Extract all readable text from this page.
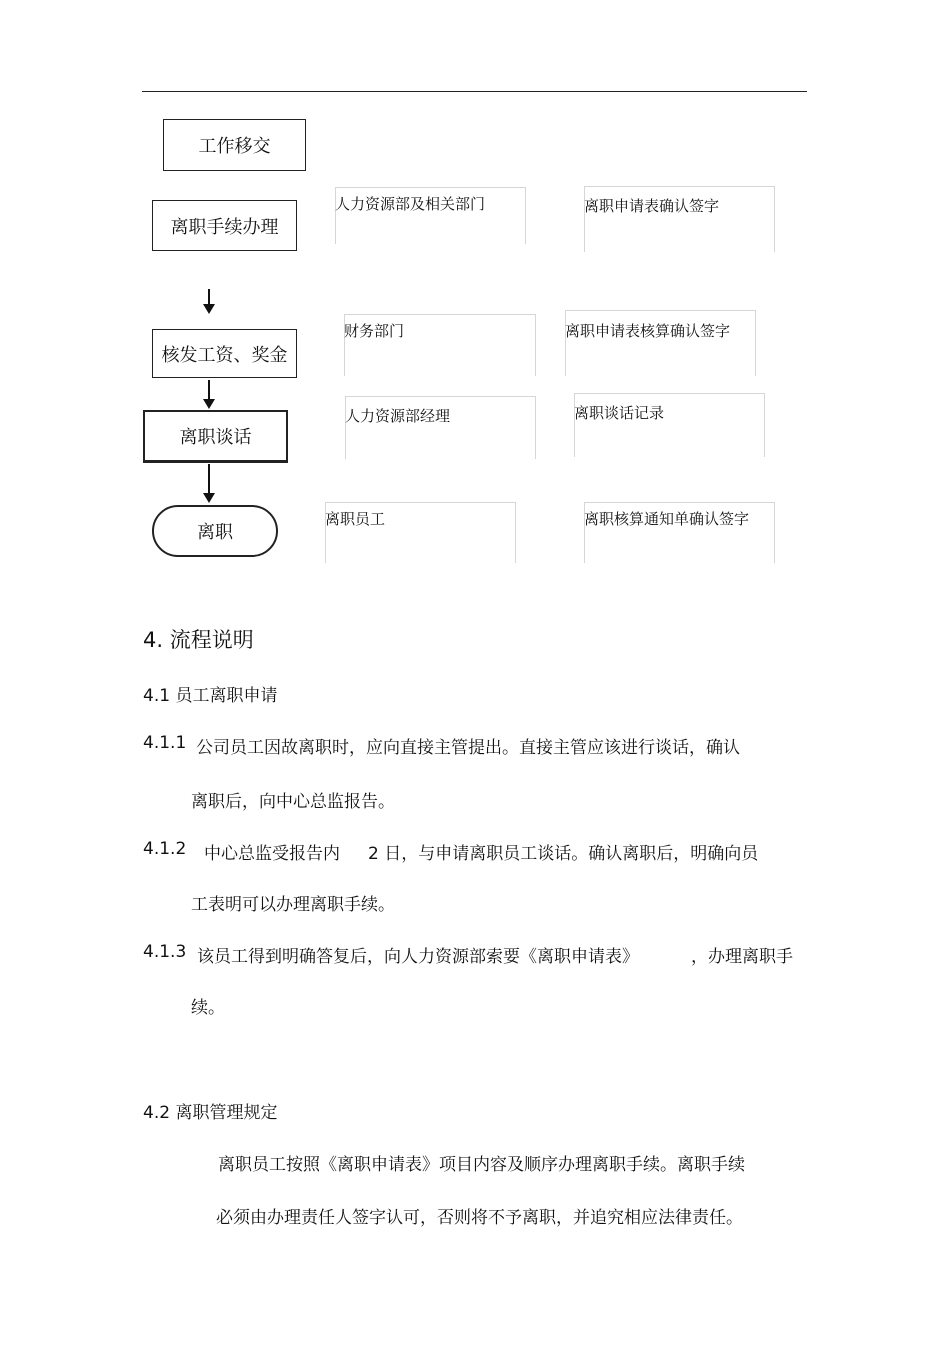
工作移交
离职手续办理
核发工资、奖金
离职谈话
离职
人力资源部及相关部门	离职申请表确认签字
财务部门	离职申请表核算确认签字
人力资源部经理	离职谈话记录
离职员工	离职核算通知单确认签字
4. 流程说明
4.1 员工离职申请
4.1.1 公司员工因故离职时，应向直接主管提出。直接主管应该进行谈话，确认
离职后，向中心总监报告。
4.1.2 中心总监受报告内 2 日，与申请离职员工谈话。确认离职后，明确向员
工表明可以办理离职手续。
4.1.3 该员工得到明确答复后，向人力资源部索要《离职申请表》	，办理离职手
续。
4.2 离职管理规定
离职员工按照《离职申请表》项目内容及顺序办理离职手续。离职手续
必须由办理责任人签字认可，否则将不予离职，并追究相应法律责任。
